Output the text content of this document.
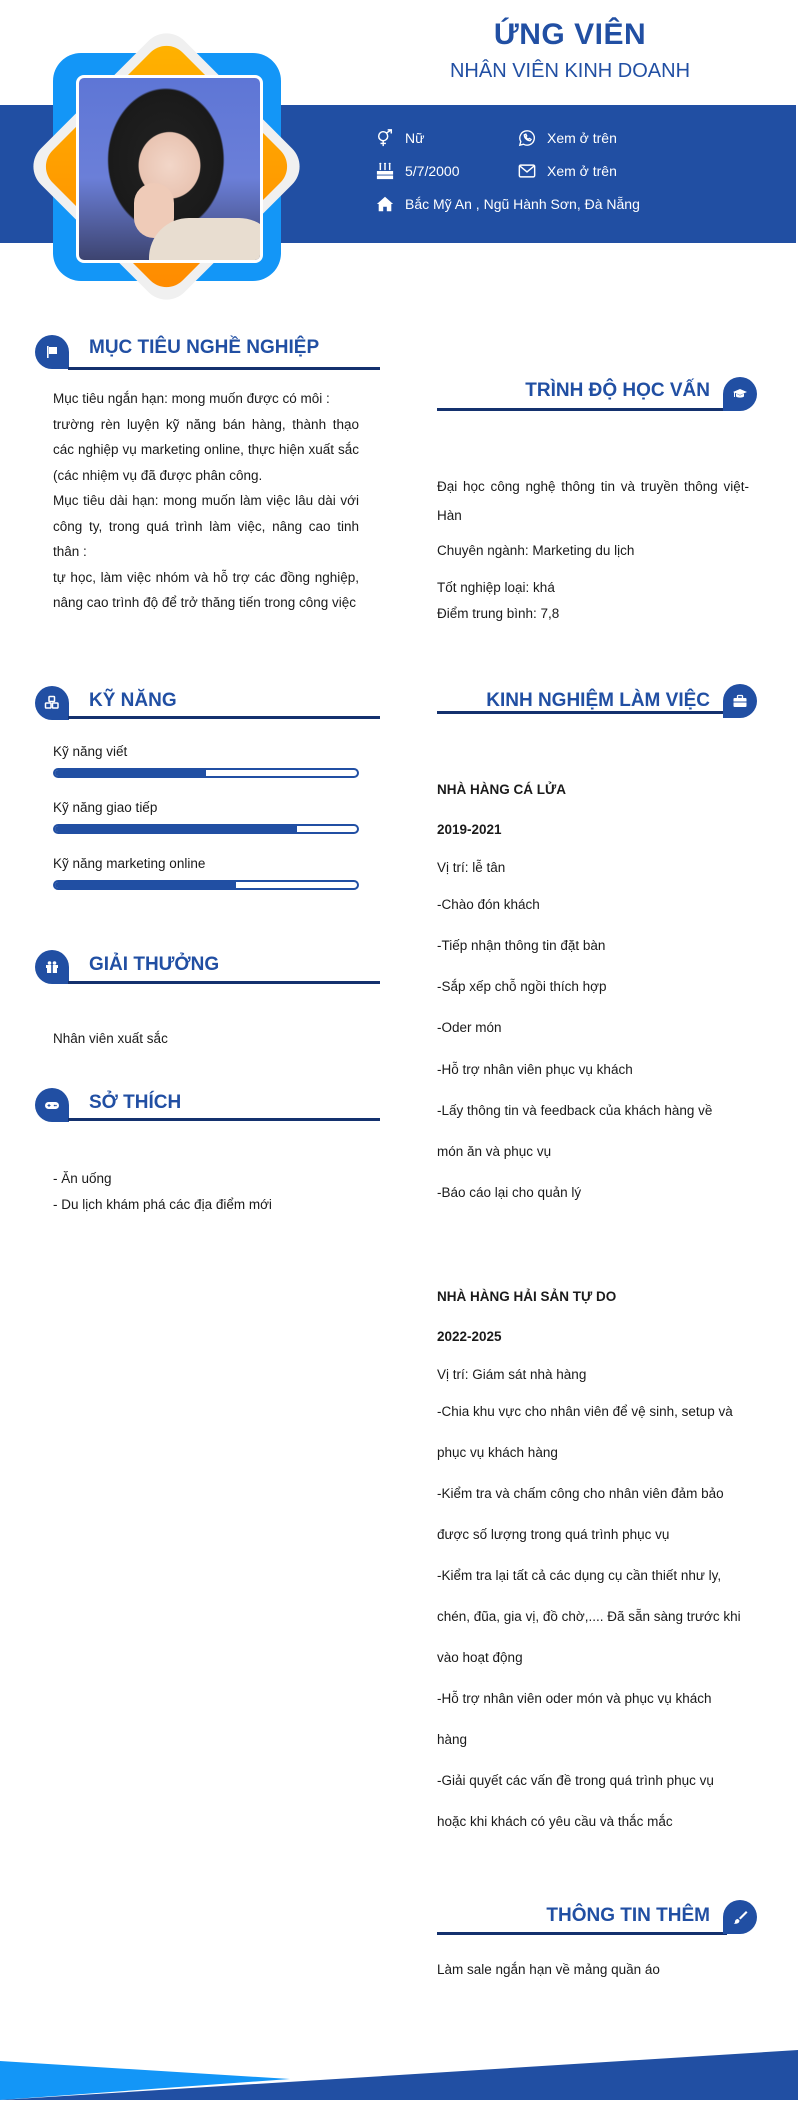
ỨNG VIÊN
NHÂN VIÊN KINH DOANH
Nữ	Xem ở trên
5/7/2000	Xem ở trên
Bắc Mỹ An , Ngũ Hành Sơn, Đà Nẵng
MỤC TIÊU NGHỀ NGHIỆP
Mục tiêu ngắn hạn: mong muốn được có môi :
trường rèn luyện kỹ năng bán hàng, thành thạo các nghiệp vụ marketing online, thực hiện xuất sắc (các nhiệm vụ đã được phân công.
Mục tiêu dài hạn: mong muốn làm việc lâu dài với công ty, trong quá trình làm việc, nâng cao tinh thân :
tự học, làm việc nhóm và hỗ trợ các đồng nghiệp, nâng cao trình độ để trở thăng tiến trong công việc
KỸ NĂNG
Kỹ năng viết
Kỹ năng giao tiếp
Kỹ năng marketing online
GIẢI THƯỞNG
Nhân viên xuất sắc
SỞ THÍCH
- Ăn uống
- Du lịch khám phá các địa điểm mới
TRÌNH ĐỘ HỌC VẤN
Đại học công nghệ thông tin và truyền thông việt-Hàn
Chuyên ngành: Marketing du lịch
Tốt nghiệp loại: khá
Điểm trung bình: 7,8
KINH NGHIỆM LÀM VIỆC
NHÀ HÀNG CÁ LỬA
2019-2021
Vị trí: lễ tân
-Chào đón khách
-Tiếp nhận thông tin đặt bàn
-Sắp xếp chỗ ngồi thích hợp
-Oder món
-Hỗ trợ nhân viên phục vụ khách
-Lấy thông tin và feedback của khách hàng về
món ăn và phục vụ
-Báo cáo lại cho quản lý
NHÀ HÀNG HẢI SẢN TỰ DO
2022-2025
Vị trí: Giám sát nhà hàng
-Chia khu vực cho nhân viên để vệ sinh, setup và
phục vụ khách hàng
-Kiểm tra và chấm công cho nhân viên đảm bảo
được số lượng trong quá trình phục vụ
-Kiểm tra lại tất cả các dụng cụ cần thiết như ly,
chén, đũa, gia vị, đồ chờ,.... Đã sẵn sàng trước khi
vào hoạt động
-Hỗ trợ nhân viên oder món và phục vụ khách
hàng
-Giải quyết các vấn đề trong quá trình phục vụ
hoặc khi khách có yêu cầu và thắc mắc
THÔNG TIN THÊM
Làm sale ngắn hạn về mảng quần áo
